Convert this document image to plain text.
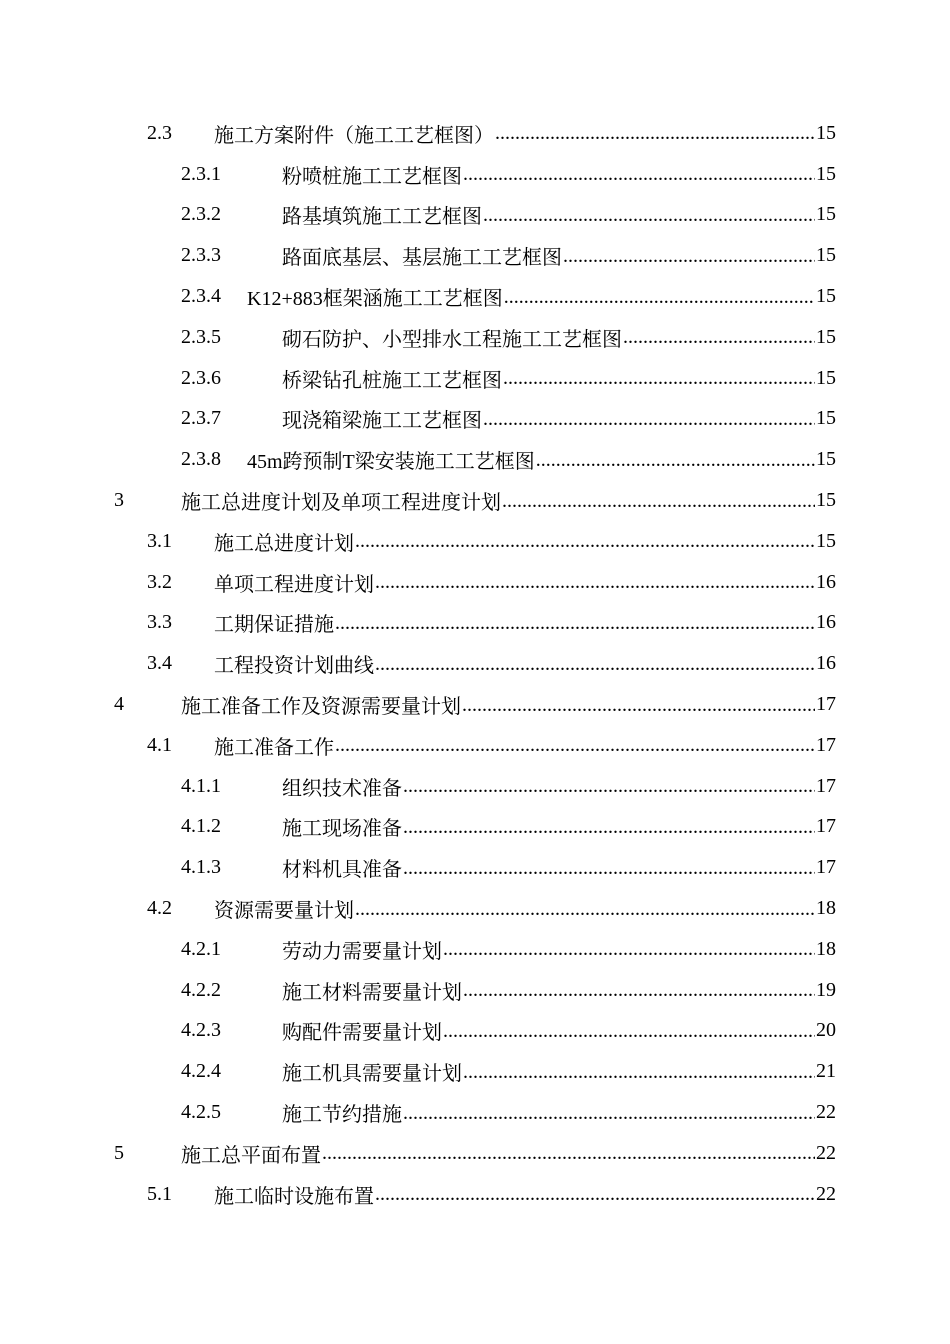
2.3 施工方案附件（施工工艺框图） .....	15
2.3.1	粉喷桩施工工艺框图 .....	15
2.3.2	路基填筑施工工艺框图 .....	15
2.3.3	路面底基层、基层施工工艺框图 .....	15
2.3.4 K12+883框架涵施工工艺框图 .....	15
2.3.5	砌石防护、小型排水工程施工工艺框图 .....	15
2.3.6	桥梁钻孔桩施工工艺框图 .....	15
2.3.7	现浇箱梁施工工艺框图 .....	15
2.3.8 45m跨预制T梁安装施工工艺框图 .....	15
3	施工总进度计划及单项工程进度计划 .....	15
3.1 施工总进度计划 .....	15
3.2 单项工程进度计划 .....	16
3.3 工期保证措施 .....	16
3.4 工程投资计划曲线 .....	16
4	施工准备工作及资源需要量计划 .....	17
4.1 施工准备工作 .....	17
4.1.1	组织技术准备 .....	17
4.1.2	施工现场准备 .....	17
4.1.3	材料机具准备 .....	17
4.2 资源需要量计划 .....	18
4.2.1	劳动力需要量计划 .....	18
4.2.2	施工材料需要量计划 .....	19
4.2.3	购配件需要量计划 .....	20
4.2.4	施工机具需要量计划 .....	21
4.2.5	施工节约措施 .....	22
5	施工总平面布置 .....	22
5.1 施工临时设施布置 .....	22
